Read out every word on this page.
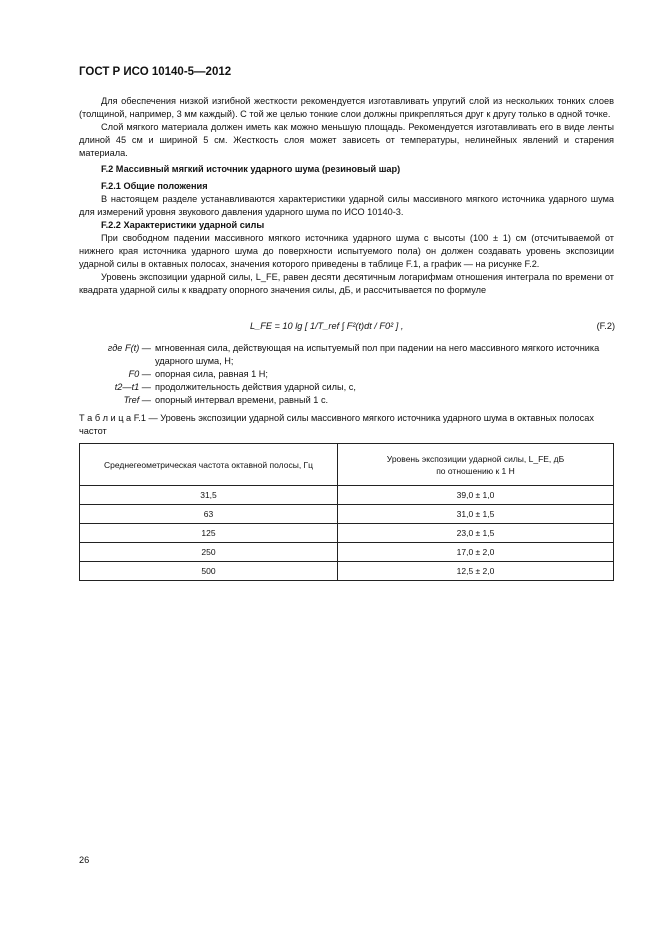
ГОСТ Р ИСО 10140-5—2012

Для обеспечения низкой изгибной жесткости рекомендуется изготавливать упругий слой из нескольких тонких слоев (толщиной, например, 3 мм каждый). С той же целью тонкие слои должны прикрепляться друг к другу только в одной точке.

Слой мягкого материала должен иметь как можно меньшую площадь. Рекомендуется изготавливать его в виде ленты длиной 45 см и шириной 5 см. Жесткость слоя может зависеть от температуры, нелинейных явлений и старения материала.

F.2 Массивный мягкий источник ударного шума (резиновый шар)

F.2.1 Общие положения

В настоящем разделе устанавливаются характеристики ударной силы массивного мягкого источника ударного шума для измерений уровня звукового давления ударного шума по ИСО 10140-3.

F.2.2 Характеристики ударной силы

При свободном падении массивного мягкого источника ударного шума с высоты (100 ± 1) см (отсчитываемой от нижнего края источника ударного шума до поверхности испытуемого пола) он должен создавать уровень экспозиции ударной силы в октавных полосах, значения которого приведены в таблице F.1, а график — на рисунке F.2.

Уровень экспозиции ударной силы, L_FE, равен десяти десятичным логарифмам отношения интеграла по времени от квадрата ударной силы к квадрату опорного значения силы, дБ, и рассчитывается по формуле

L_FE = 10 lg [ 1/T_ref ∫ F²(t)dt / F0² ] ,	(F.2)
где F(t) — мгновенная сила, действующая на испытуемый пол при падении на него массивного мягкого источника ударного шума, Н;
F0 — опорная сила, равная 1 Н;
t2—t1 — продолжительность действия ударной силы, с,
Tref — опорный интервал времени, равный 1 с.
Т а б л и ц а F.1 — Уровень экспозиции ударной силы массивного мягкого источника ударного шума в октавных полосах частот
Среднегеометрическая частота октавной полосы, Гц	Уровень экспозиции ударной силы, L_FE, дБ
по отношению к 1 Н
31,5	39,0 ± 1,0
63	31,0 ± 1,5
125	23,0 ± 1,5
250	17,0 ± 2,0
500	12,5 ± 2,0
26
